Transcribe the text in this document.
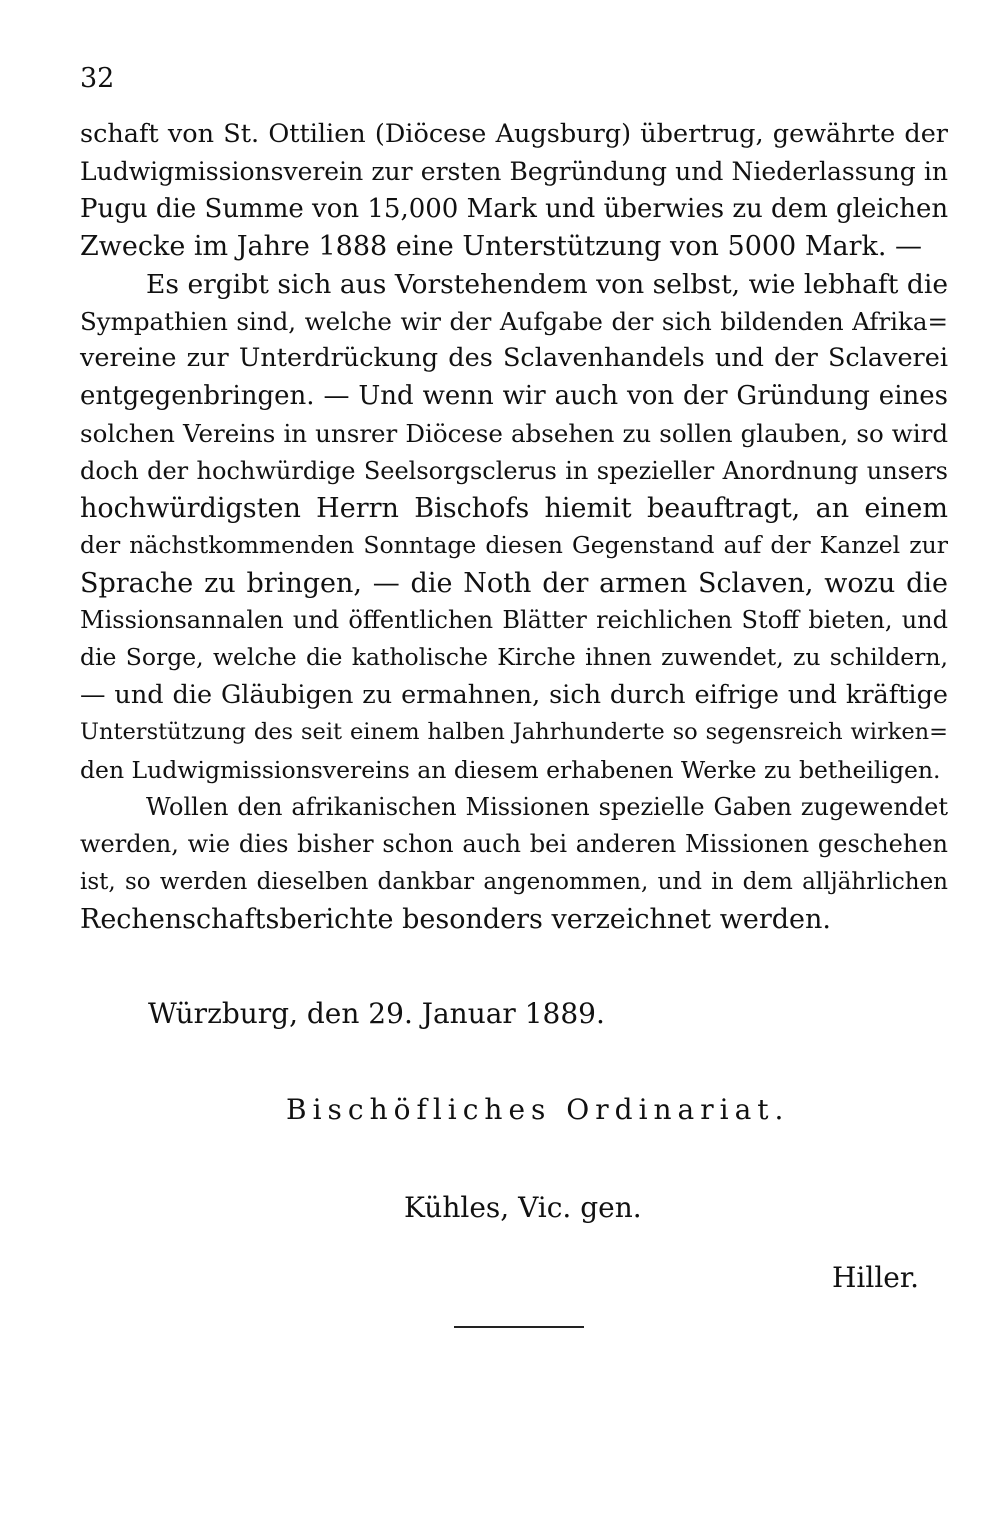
32
schaft von St. Ottilien (Diöcese Augsburg) übertrug, gewährte der
Ludwigmissionsverein zur ersten Begründung und Niederlassung in
Pugu die Summe von 15,000 Mark und überwies zu dem gleichen
Zwecke im Jahre 1888 eine Unterstützung von 5000 Mark. —
Es ergibt sich aus Vorstehendem von selbst, wie lebhaft die
Sympathien sind, welche wir der Aufgabe der sich bildenden Afrika=
vereine zur Unterdrückung des Sclavenhandels und der Sclaverei
entgegenbringen. — Und wenn wir auch von der Gründung eines
solchen Vereins in unsrer Diöcese absehen zu sollen glauben, so wird
doch der hochwürdige Seelsorgsclerus in spezieller Anordnung unsers
hochwürdigsten Herrn Bischofs hiemit beauftragt, an einem
der nächstkommenden Sonntage diesen Gegenstand auf der Kanzel zur
Sprache zu bringen, — die Noth der armen Sclaven, wozu die
Missionsannalen und öffentlichen Blätter reichlichen Stoff bieten, und
die Sorge, welche die katholische Kirche ihnen zuwendet, zu schildern,
— und die Gläubigen zu ermahnen, sich durch eifrige und kräftige
Unterstützung des seit einem halben Jahrhunderte so segensreich wirken=
den Ludwigmissionsvereins an diesem erhabenen Werke zu betheiligen.
Wollen den afrikanischen Missionen spezielle Gaben zugewendet
werden, wie dies bisher schon auch bei anderen Missionen geschehen
ist, so werden dieselben dankbar angenommen, und in dem alljährlichen
Rechenschaftsberichte besonders verzeichnet werden.
Würzburg, den 29. Januar 1889.
Bischöfliches Ordinariat.
Kühles, Vic. gen.
Hiller.
